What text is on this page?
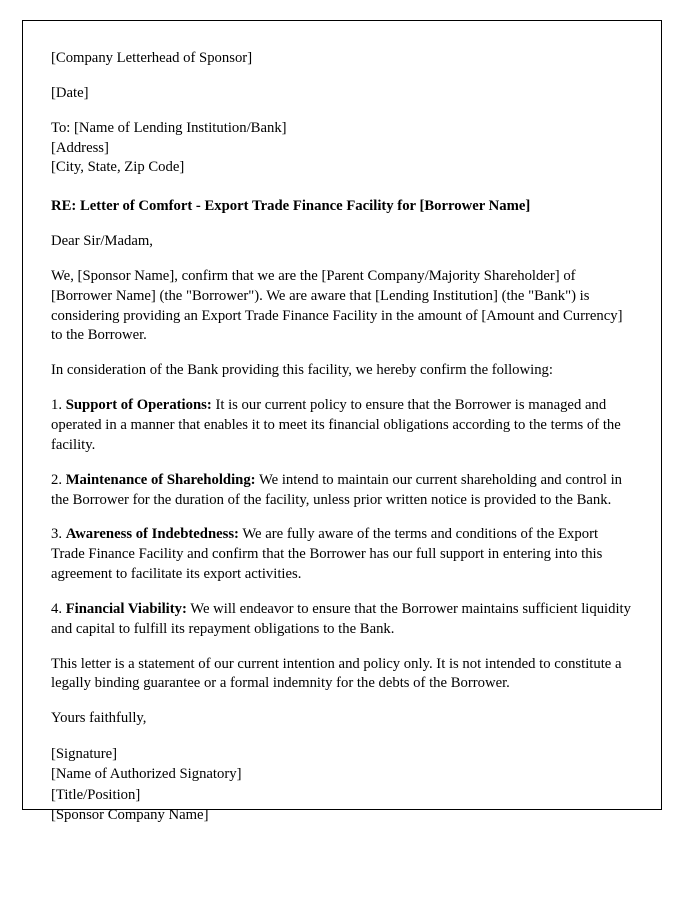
[Company Letterhead of Sponsor]

[Date]

To: [Name of Lending Institution/Bank]

[Address]

[City, State, Zip Code]

RE: Letter of Comfort - Export Trade Finance Facility for [Borrower Name]

Dear Sir/Madam,

We, [Sponsor Name], confirm that we are the [Parent Company/Majority Shareholder] of [Borrower Name] (the "Borrower"). We are aware that [Lending Institution] (the "Bank") is considering providing an Export Trade Finance Facility in the amount of [Amount and Currency] to the Borrower.

In consideration of the Bank providing this facility, we hereby confirm the following:

1. Support of Operations: It is our current policy to ensure that the Borrower is managed and operated in a manner that enables it to meet its financial obligations according to the terms of the facility.

2. Maintenance of Shareholding: We intend to maintain our current shareholding and control in the Borrower for the duration of the facility, unless prior written notice is provided to the Bank.

3. Awareness of Indebtedness: We are fully aware of the terms and conditions of the Export Trade Finance Facility and confirm that the Borrower has our full support in entering into this agreement to facilitate its export activities.

4. Financial Viability: We will endeavor to ensure that the Borrower maintains sufficient liquidity and capital to fulfill its repayment obligations to the Bank.

This letter is a statement of our current intention and policy only. It is not intended to constitute a legally binding guarantee or a formal indemnity for the debts of the Borrower.

Yours faithfully,

[Signature]

[Name of Authorized Signatory]

[Title/Position]

[Sponsor Company Name]
